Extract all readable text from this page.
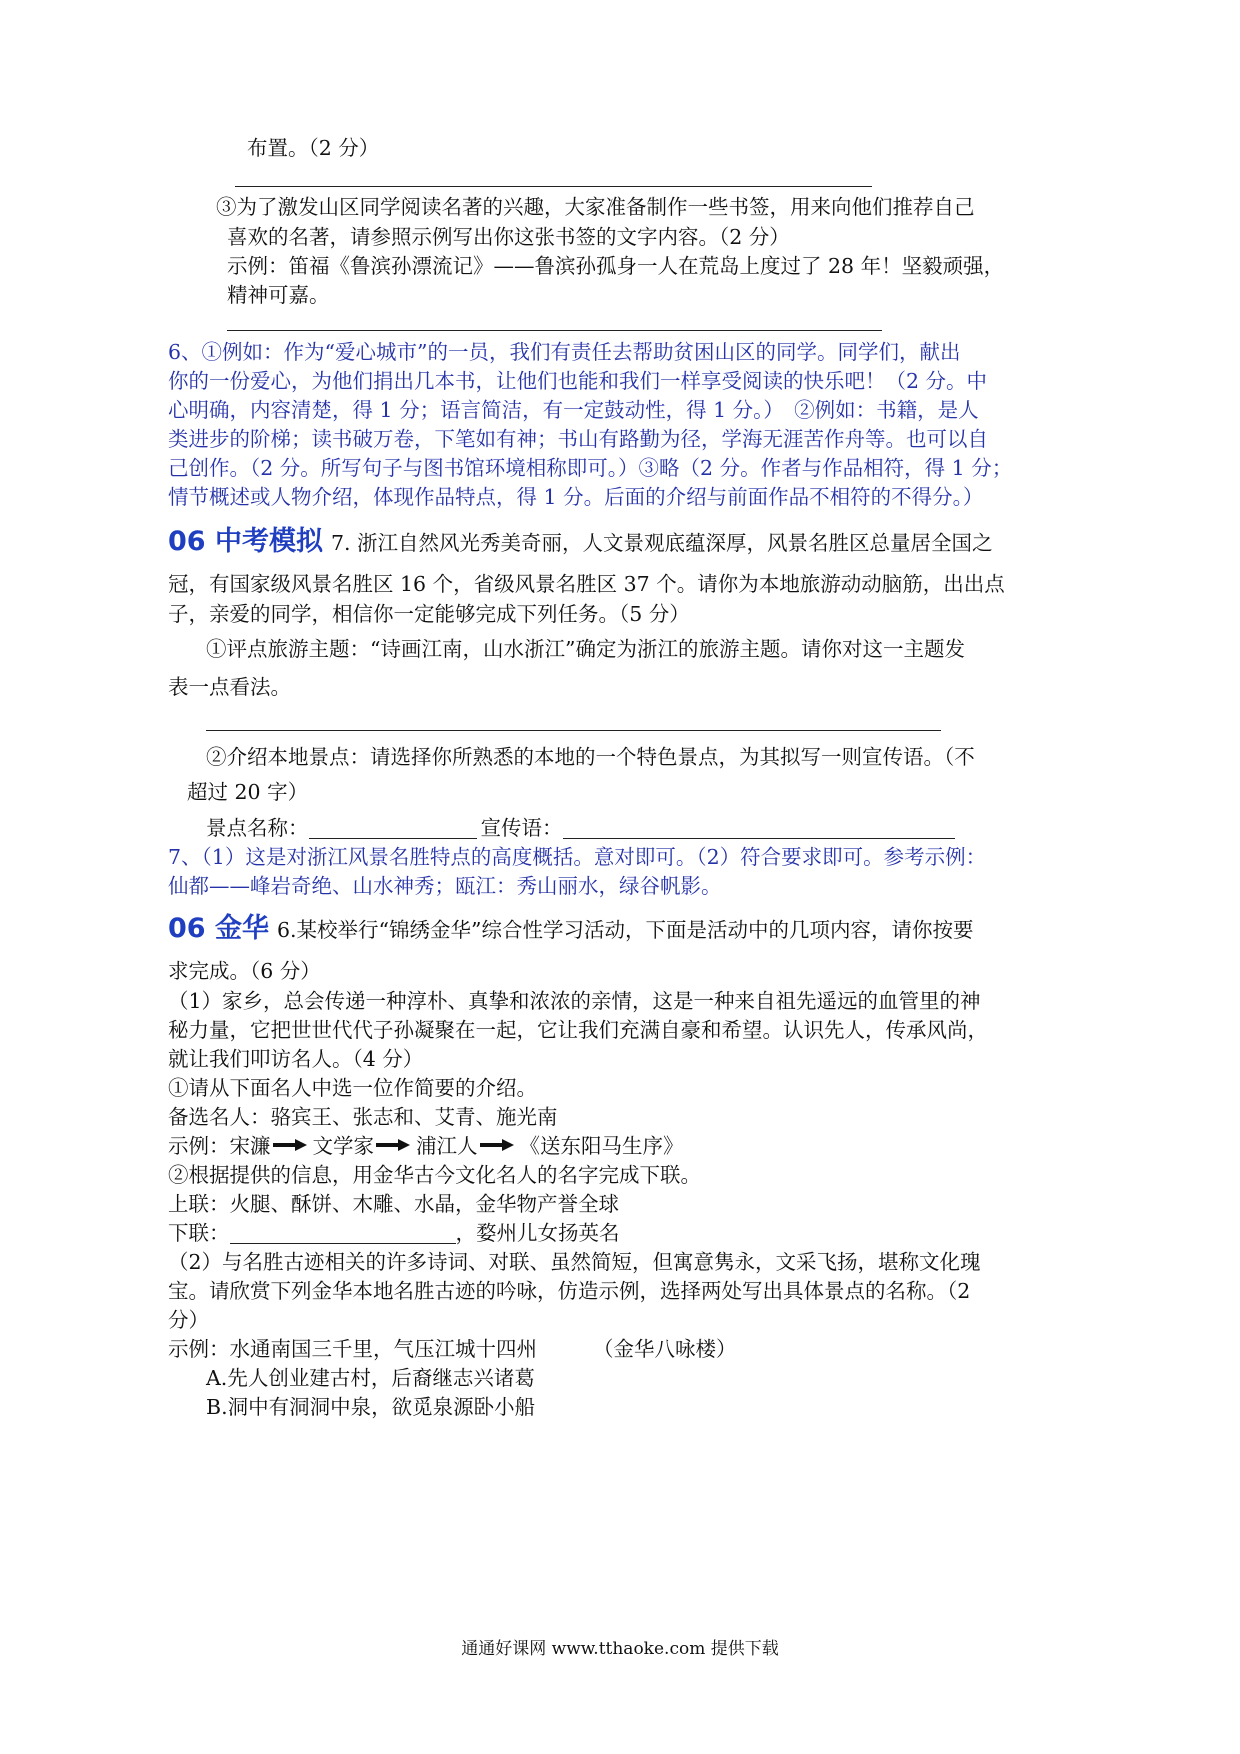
布置。（2 分）
③为了激发山区同学阅读名著的兴趣，大家准备制作一些书签，用来向他们推荐自己
喜欢的名著，请参照示例写出你这张书签的文字内容。（2 分）
示例：笛福《鲁滨孙漂流记》——鲁滨孙孤身一人在荒岛上度过了 28 年！坚毅顽强，
精神可嘉。
6、①例如：作为“爱心城市”的一员，我们有责任去帮助贫困山区的同学。同学们，献出
你的一份爱心，为他们捐出几本书，让他们也能和我们一样享受阅读的快乐吧！（2 分。中
心明确，内容清楚，得 1 分；语言简洁，有一定鼓动性，得 1 分。）　②例如：书籍，是人
类进步的阶梯；读书破万卷，下笔如有神；书山有路勤为径，学海无涯苦作舟等。也可以自
己创作。（2 分。所写句子与图书馆环境相称即可。）③略（2 分。作者与作品相符，得 1 分；
情节概述或人物介绍，体现作品特点，得 1 分。后面的介绍与前面作品不相符的不得分。）
06 中考模拟 7. 浙江自然风光秀美奇丽，人文景观底蕴深厚，风景名胜区总量居全国之
冠，有国家级风景名胜区 16 个，省级风景名胜区 37 个。请你为本地旅游动动脑筋，出出点
子，亲爱的同学，相信你一定能够完成下列任务。（5 分）
①评点旅游主题：“诗画江南，山水浙江”确定为浙江的旅游主题。请你对这一主题发
表一点看法。
②介绍本地景点：请选择你所熟悉的本地的一个特色景点，为其拟写一则宣传语。（不
超过 20 字）
景点名称：	宣传语：
7、（1）这是对浙江风景名胜特点的高度概括。意对即可。（2）符合要求即可。参考示例：
仙都——峰岩奇绝、山水神秀；瓯江：秀山丽水，绿谷帆影。
06 金华 6.某校举行“锦绣金华”综合性学习活动，下面是活动中的几项内容，请你按要
求完成。（6 分）
（1）家乡，总会传递一种淳朴、真挚和浓浓的亲情，这是一种来自祖先遥远的血管里的神
秘力量，它把世世代代子孙凝聚在一起，它让我们充满自豪和希望。认识先人，传承风尚，
就让我们叩访名人。（4 分）
①请从下面名人中选一位作简要的介绍。
备选名人：骆宾王、张志和、艾青、施光南
示例：宋濂 文学家 浦江人 《送东阳马生序》
②根据提供的信息，用金华古今文化名人的名字完成下联。
上联：火腿、酥饼、木雕、水晶，金华物产誉全球
下联：	，婺州儿女扬英名
（2）与名胜古迹相关的许多诗词、对联、虽然简短，但寓意隽永，文采飞扬，堪称文化瑰
宝。请欣赏下列金华本地名胜古迹的吟咏，仿造示例，选择两处写出具体景点的名称。（2
分）
示例：水通南国三千里，气压江城十四州	（金华八咏楼）
A.先人创业建古村，后裔继志兴诸葛
B.洞中有洞洞中泉，欲觅泉源卧小船
通通好课网 www.tthaoke.com 提供下载
